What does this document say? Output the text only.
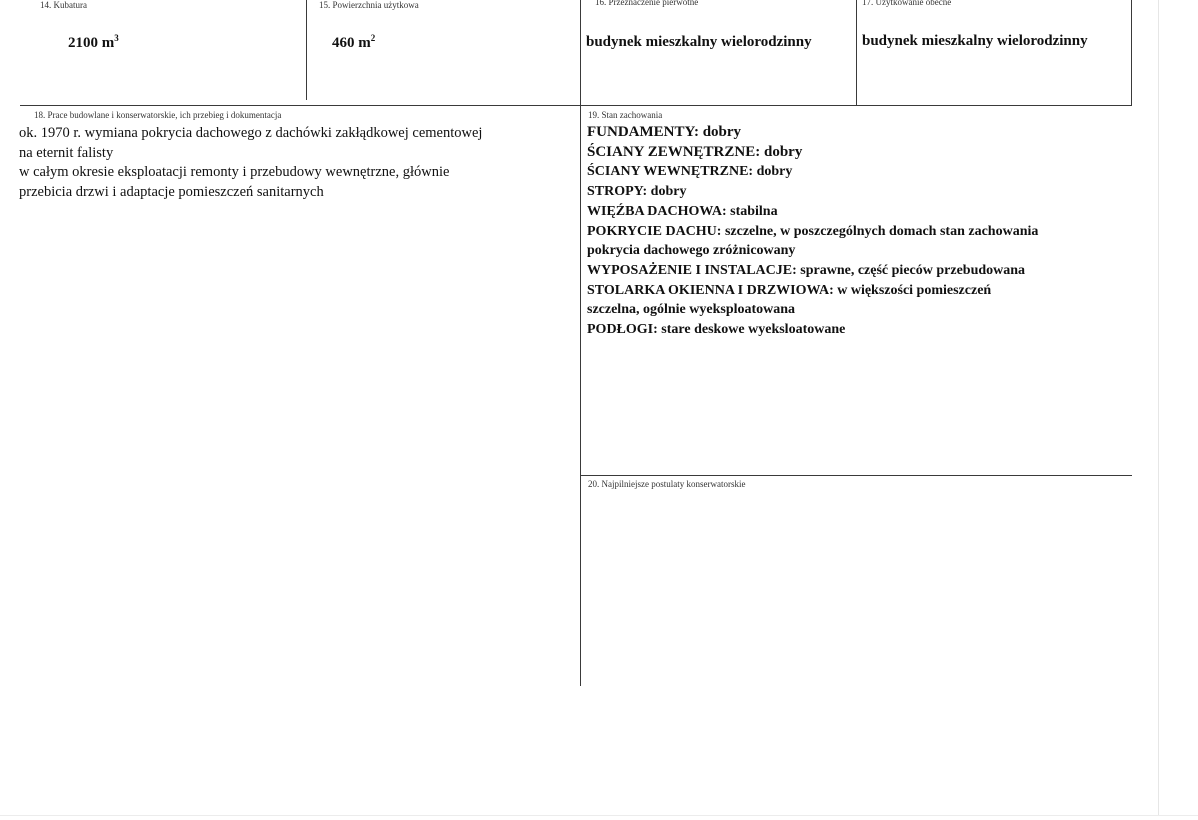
14. Kubatura	15. Powierzchnia użytkowa	16. Przeznaczenie pierwotne	17. Użytkowanie obecne
2100 $m^3$	460 $m^2$	budynek mieszkalny wielorodzinny	budynek mieszkalny wielorodzinny
18. Prace budowlane i konserwatorskie, ich przebieg i dokumentacja
ok. 1970 r. wymiana pokrycia dachowego z dachówki zakłądkowej cementowej
na eternit falisty
w całym okresie eksploatacji remonty i przebudowy wewnętrzne, głównie
przebicia drzwi i adaptacje pomieszczeń sanitarnych
19. Stan zachowania
FUNDAMENTY: dobry
ŚCIANY ZEWNĘTRZNE: dobry
ŚCIANY WEWNĘTRZNE: dobry
STROPY: dobry
WIĘŹBA DACHOWA: stabilna
POKRYCIE DACHU: szczelne, w poszczególnych domach stan zachowania
pokrycia dachowego zróżnicowany
WYPOSAŻENIE I INSTALACJE: sprawne, część pieców przebudowana
STOLARKA OKIENNA I DRZWIOWA: w większości pomieszczeń
szczelna, ogólnie wyeksploatowana
PODŁOGI: stare deskowe wyeksloatowane
20. Najpilniejsze postulaty konserwatorskie
